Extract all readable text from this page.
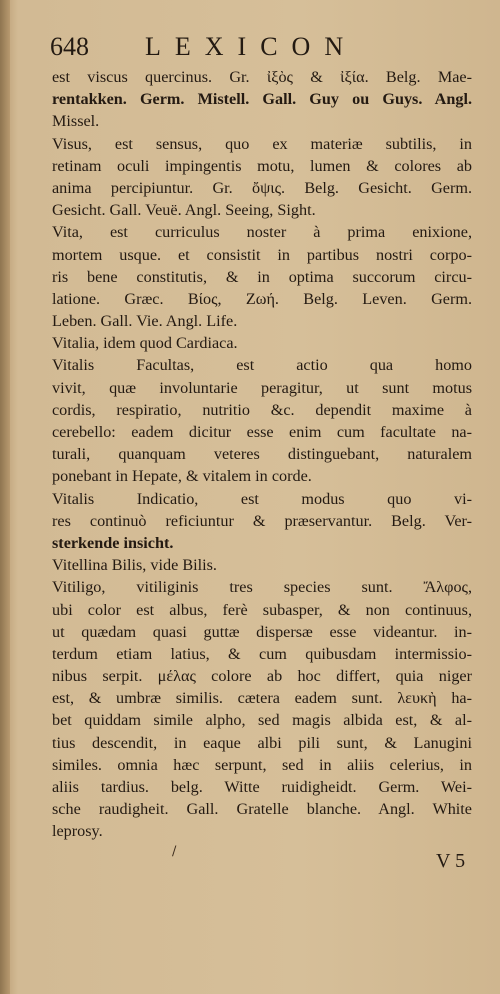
648 LEXICON
est viscus quercinus. Gr. ἰξὸς & ἰξία. Belg. Mae-
rentakken. Germ. Mistell. Gall. Guy ou Guys. Angl.
Missel.
Visus, est sensus, quo ex materiæ subtilis, in
retinam oculi impingentis motu, lumen & colores ab
anima percipiuntur. Gr. ὄψις. Belg. Gesicht. Germ.
Gesicht. Gall. Veuë. Angl. Seeing, Sight.
Vita, est curriculus noster à prima enixione,
mortem usque. et consistit in partibus nostri corpo-
ris bene constitutis, & in optima succorum circu-
latione. Græc. Βίος, Ζωή. Belg. Leven. Germ.
Leben. Gall. Vie. Angl. Life.
Vitalia, idem quod Cardiaca.
Vitalis Facultas, est actio qua homo
vivit, quæ involuntarie peragitur, ut sunt motus
cordis, respiratio, nutritio &c. dependit maxime à
cerebello: eadem dicitur esse enim cum facultate na-
turali, quanquam veteres distinguebant, naturalem
ponebant in Hepate, & vitalem in corde.
Vitalis Indicatio, est modus quo vi-
res continuò reficiuntur & præservantur. Belg. Ver-
sterkende insicht.
Vitellina Bilis, vide Bilis.
Vitiligo, vitiliginis tres species sunt. Ἄλφος,
ubi color est albus, ferè subasper, & non continuus,
ut quædam quasi guttæ dispersæ esse videantur. in-
terdum etiam latius, & cum quibusdam intermissio-
nibus serpit. μέλας colore ab hoc differt, quia niger
est, & umbræ similis. cætera eadem sunt. λευκὴ ha-
bet quiddam simile alpho, sed magis albida est, & al-
tius descendit, in eaque albi pili sunt, & Lanugini
similes. omnia hæc serpunt, sed in aliis celerius, in
aliis tardius. belg. Witte ruidigheidt. Germ. Wei-
sche raudigheit. Gall. Gratelle blanche. Angl. White
leprosy.
∕	V 5
